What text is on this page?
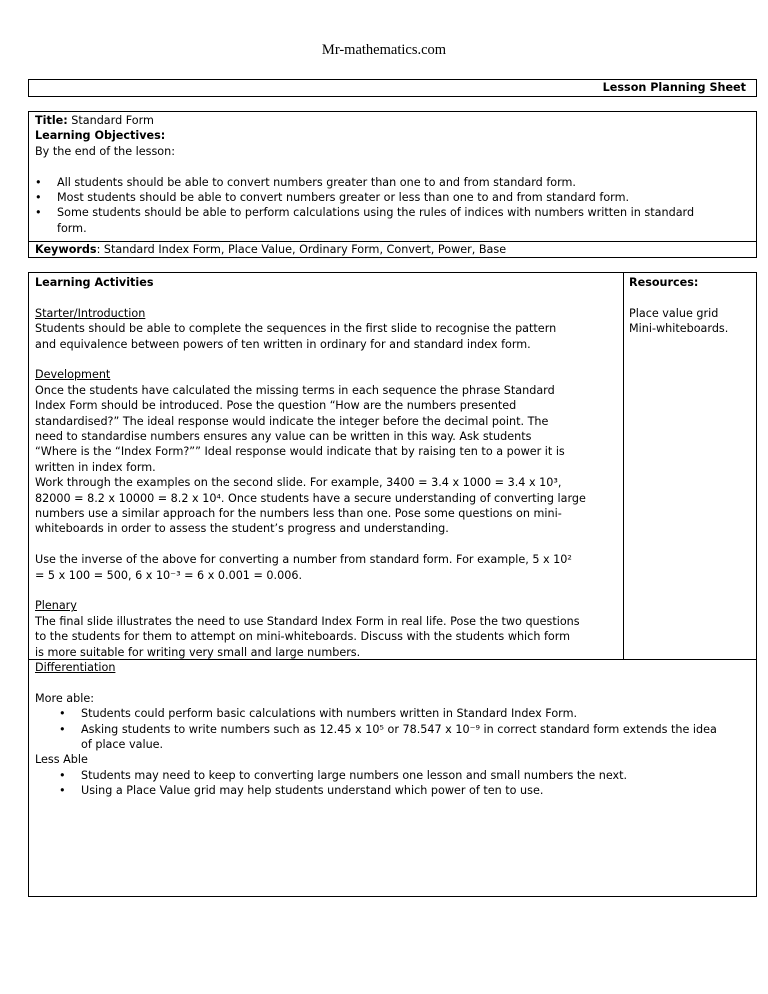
Mr-mathematics.com
Lesson Planning Sheet
Title: Standard Form
Learning Objectives:
By the end of the lesson:
• All students should be able to convert numbers greater than one to and from standard form.
• Most students should be able to convert numbers greater or less than one to and from standard form.
• Some students should be able to perform calculations using the rules of indices with numbers written in standard
form.
Keywords: Standard Index Form, Place Value, Ordinary Form, Convert, Power, Base
Learning Activities
Starter/Introduction
Students should be able to complete the sequences in the first slide to recognise the pattern
and equivalence between powers of ten written in ordinary for and standard index form.
Development
Once the students have calculated the missing terms in each sequence the phrase Standard
Index Form should be introduced. Pose the question “How are the numbers presented
standardised?” The ideal response would indicate the integer before the decimal point. The
need to standardise numbers ensures any value can be written in this way. Ask students
“Where is the “Index Form?”” Ideal response would indicate that by raising ten to a power it is
written in index form.
Work through the examples on the second slide. For example, 3400 = 3.4 x 1000 = 3.4 x 10³,
82000 = 8.2 x 10000 = 8.2 x 10⁴. Once students have a secure understanding of converting large
numbers use a similar approach for the numbers less than one. Pose some questions on mini-
whiteboards in order to assess the student’s progress and understanding.
Use the inverse of the above for converting a number from standard form. For example, 5 x 10²
= 5 x 100 = 500, 6 x 10⁻³ = 6 x 0.001 = 0.006.
Plenary
The final slide illustrates the need to use Standard Index Form in real life. Pose the two questions
to the students for them to attempt on mini-whiteboards. Discuss with the students which form
is more suitable for writing very small and large numbers.
Resources:
Place value grid
Mini-whiteboards.
Differentiation
More able:
• Students could perform basic calculations with numbers written in Standard Index Form.
• Asking students to write numbers such as 12.45 x 10⁵ or 78.547 x 10⁻⁹ in correct standard form extends the idea
of place value.
Less Able
• Students may need to keep to converting large numbers one lesson and small numbers the next.
• Using a Place Value grid may help students understand which power of ten to use.
